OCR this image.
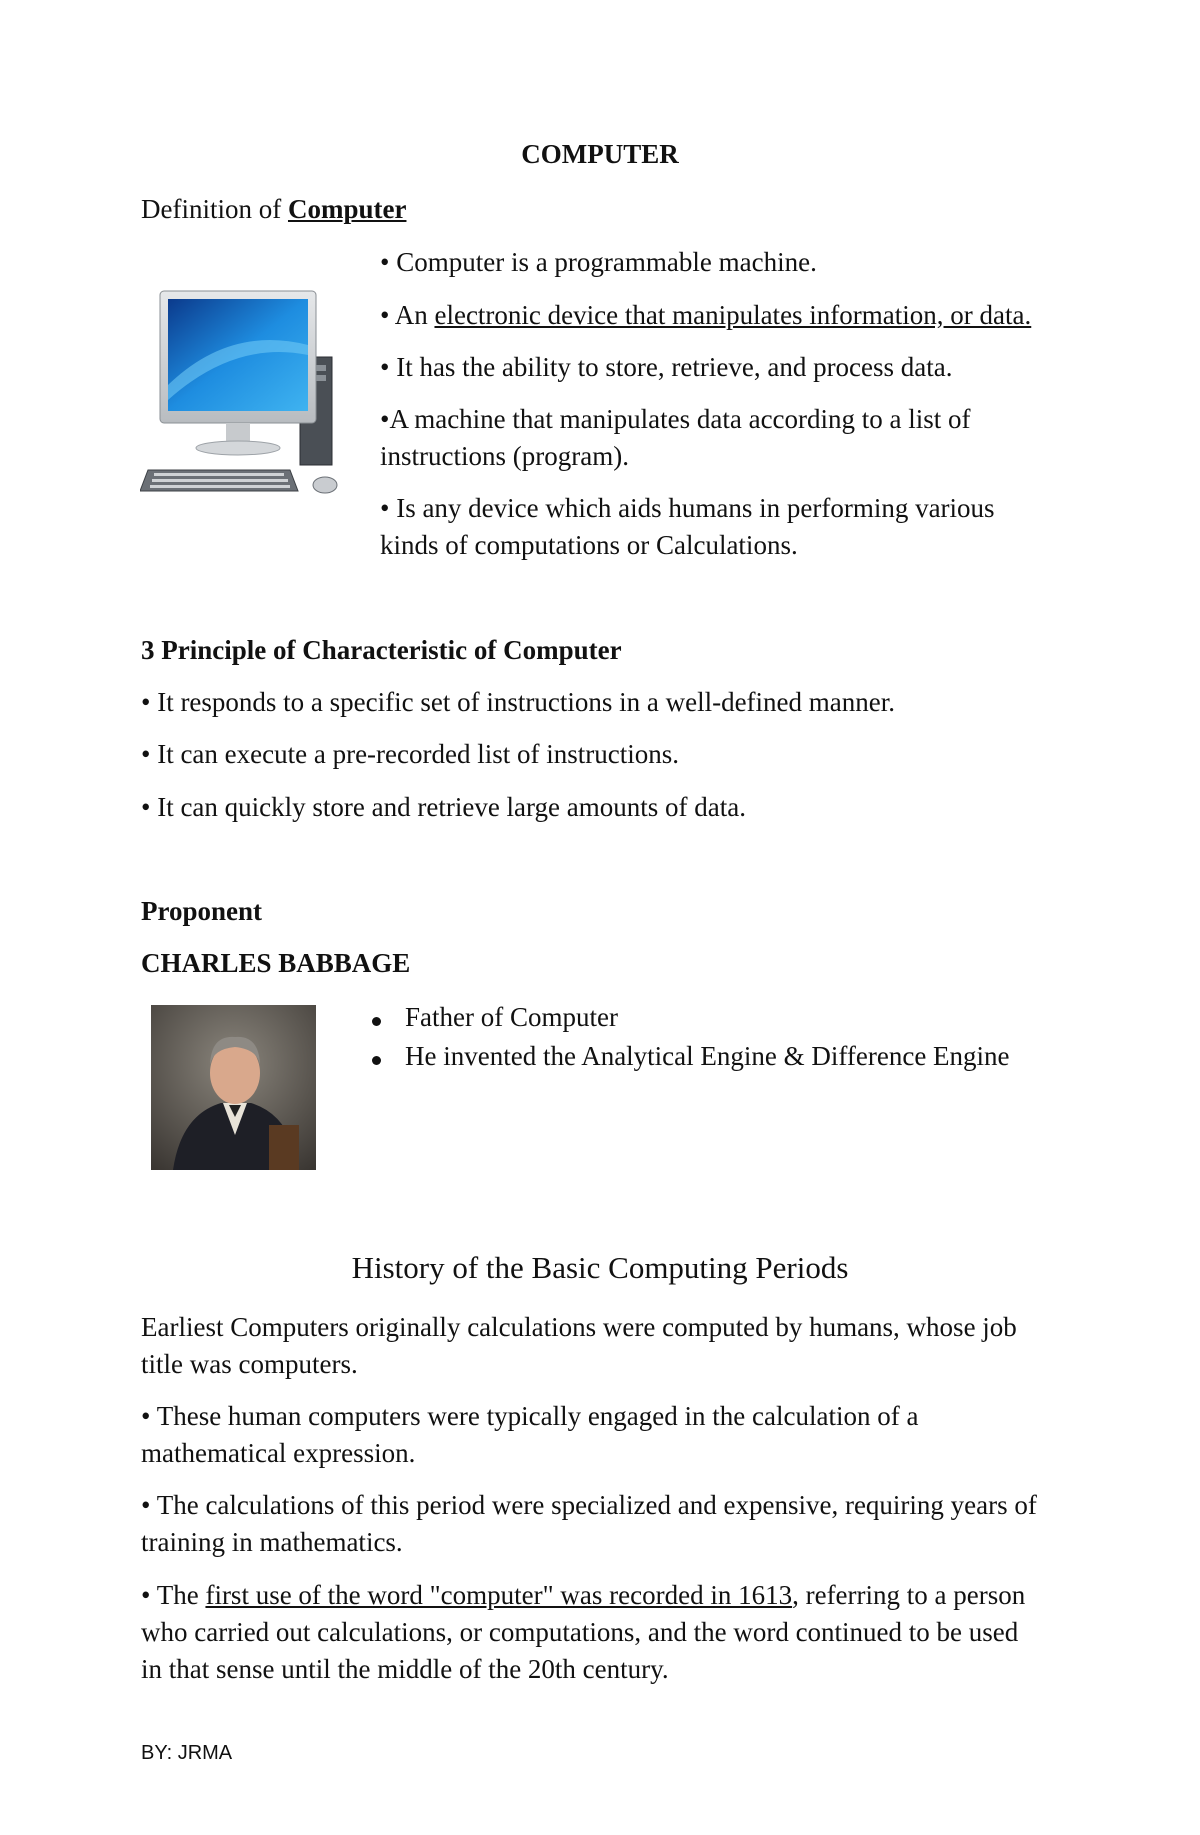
COMPUTER
Definition of Computer
• Computer is a programmable machine.
• An electronic device that manipulates information, or data.
• It has the ability to store, retrieve, and process data.
•A machine that manipulates data according to a list of
instructions (program).
• Is any device which aids humans in performing various
kinds of computations or Calculations.
3 Principle of Characteristic of Computer
• It responds to a specific set of instructions in a well-defined manner.
• It can execute a pre-recorded list of instructions.
• It can quickly store and retrieve large amounts of data.
Proponent
CHARLES BABBAGE
Father of Computer
He invented the Analytical Engine & Difference Engine
History of the Basic Computing Periods
Earliest Computers originally calculations were computed by humans, whose job
title was computers.
• These human computers were typically engaged in the calculation of a
mathematical expression.
• The calculations of this period were specialized and expensive, requiring years of
training in mathematics.
• The first use of the word "computer" was recorded in 1613, referring to a person
who carried out calculations, or computations, and the word continued to be used
in that sense until the middle of the 20th century.
BY: JRMA
